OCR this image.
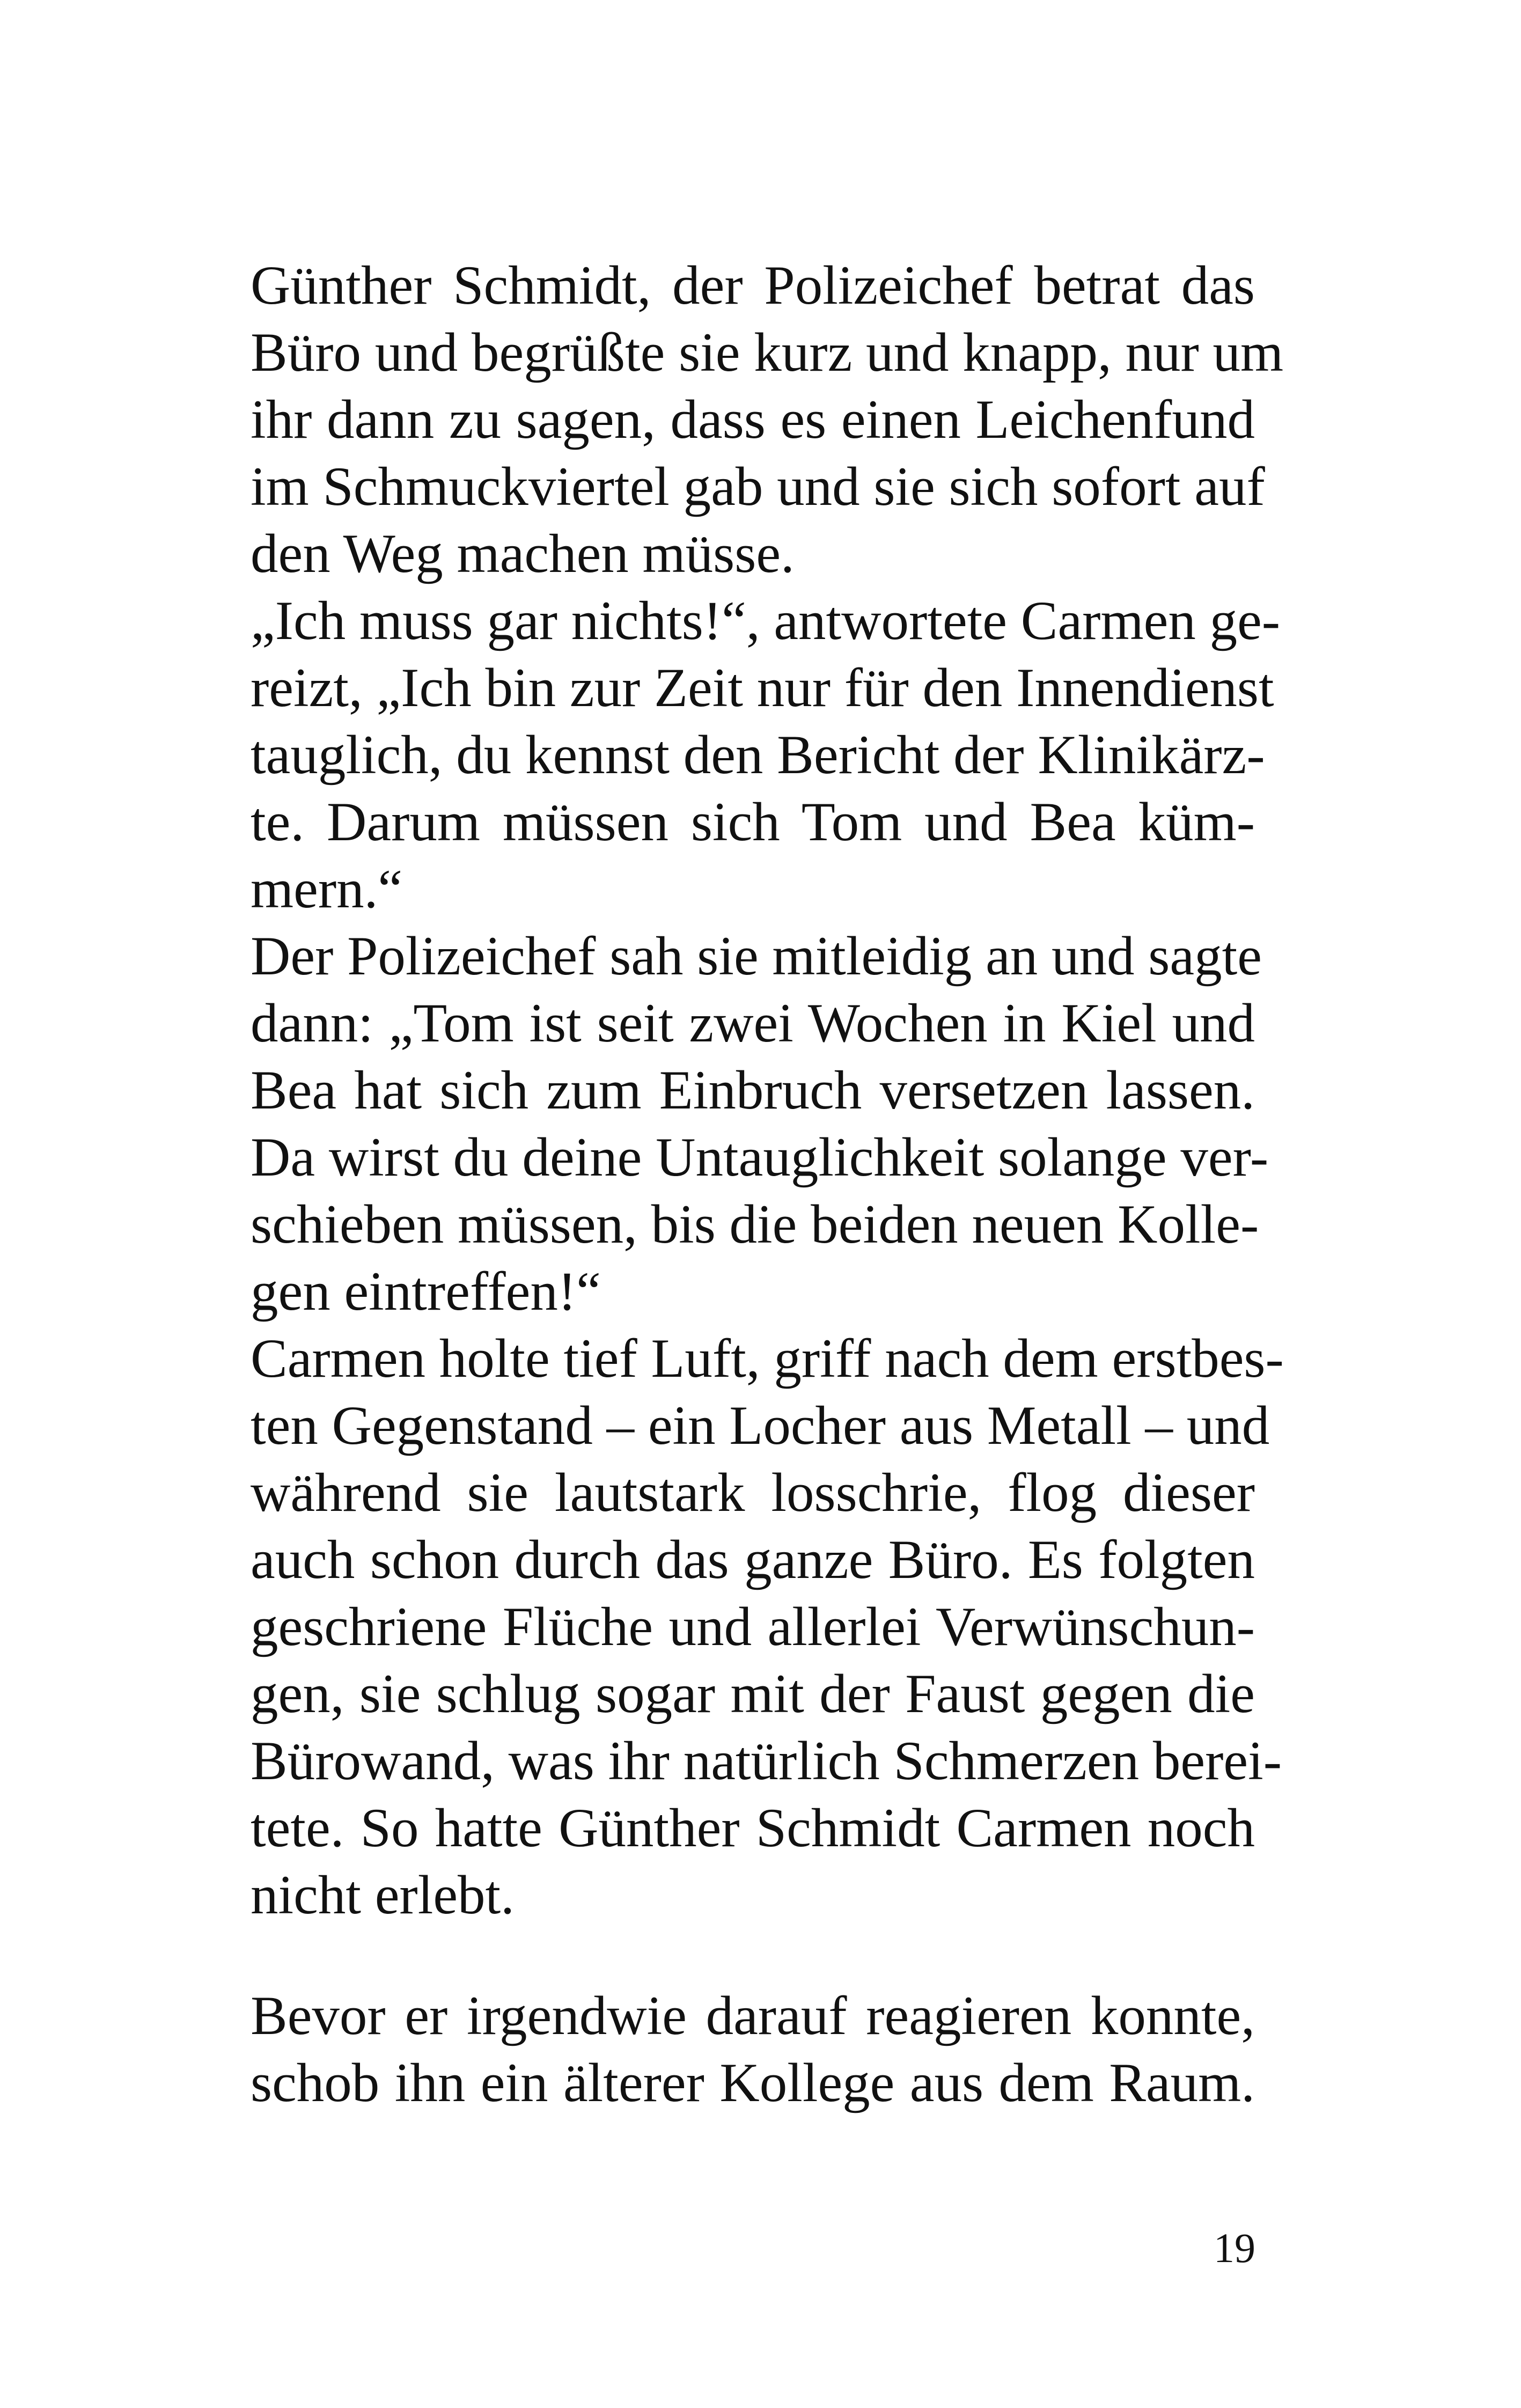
Günther Schmidt, der Polizeichef betrat das
Büro und begrüßte sie kurz und knapp, nur um
ihr dann zu sagen, dass es einen Leichenfund
im Schmuckviertel gab und sie sich sofort auf
den Weg machen müsse.

„Ich muss gar nichts!“, antwortete Carmen ge-
reizt, „Ich bin zur Zeit nur für den Innendienst
tauglich, du kennst den Bericht der Klinikärz-
te. Darum müssen sich Tom und Bea küm-
mern.“

Der Polizeichef sah sie mitleidig an und sagte
dann: „Tom ist seit zwei Wochen in Kiel und
Bea hat sich zum Einbruch versetzen lassen.
Da wirst du deine Untauglichkeit solange ver-
schieben müssen, bis die beiden neuen Kolle-
gen eintreffen!“

Carmen holte tief Luft, griff nach dem erstbes-
ten Gegenstand – ein Locher aus Metall – und
während sie lautstark losschrie, flog dieser
auch schon durch das ganze Büro. Es folgten
geschriene Flüche und allerlei Verwünschun-
gen, sie schlug sogar mit der Faust gegen die
Bürowand, was ihr natürlich Schmerzen berei-
tete. So hatte Günther Schmidt Carmen noch
nicht erlebt.

Bevor er irgendwie darauf reagieren konnte,
schob ihn ein älterer Kollege aus dem Raum.

19
